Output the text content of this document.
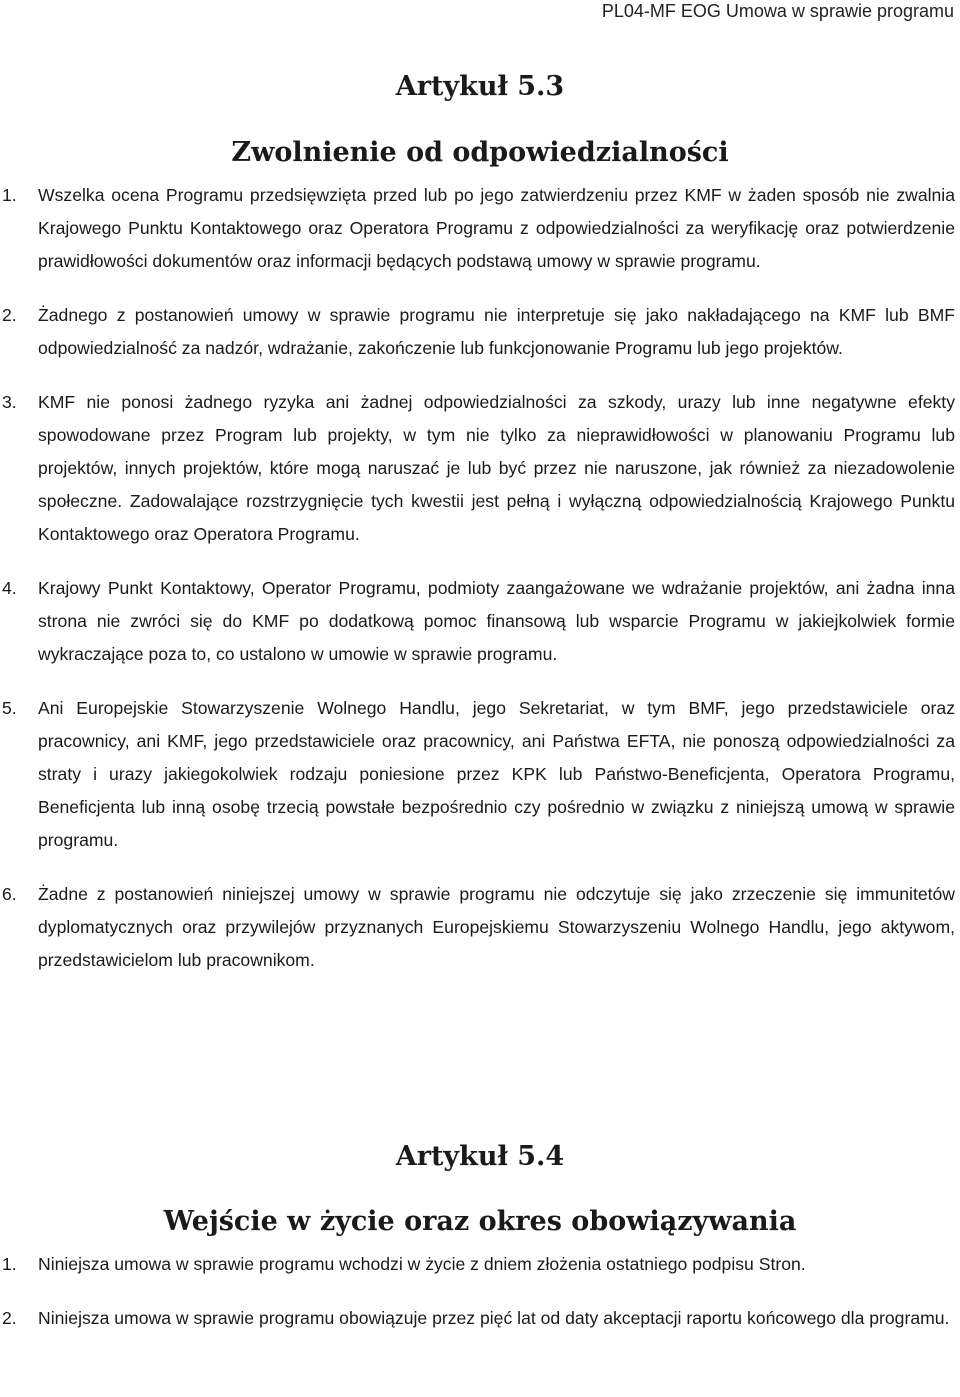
PL04-MF EOG Umowa w sprawie programu
Artykuł 5.3
Zwolnienie od odpowiedzialności
1. Wszelka ocena Programu przedsięwzięta przed lub po jego zatwierdzeniu przez KMF w żaden sposób nie zwalnia Krajowego Punktu Kontaktowego oraz Operatora Programu z odpowiedzialności za weryfikację oraz potwierdzenie prawidłowości dokumentów oraz informacji będących podstawą umowy w sprawie programu.
2. Żadnego z postanowień umowy w sprawie programu nie interpretuje się jako nakładającego na KMF lub BMF odpowiedzialność za nadzór, wdrażanie, zakończenie lub funkcjonowanie Programu lub jego projektów.
3. KMF nie ponosi żadnego ryzyka ani żadnej odpowiedzialności za szkody, urazy lub inne negatywne efekty spowodowane przez Program lub projekty, w tym nie tylko za nieprawidłowości w planowaniu Programu lub projektów, innych projektów, które mogą naruszać je lub być przez nie naruszone, jak również za niezadowolenie społeczne. Zadowalające rozstrzygnięcie tych kwestii jest pełną i wyłączną odpowiedzialnością Krajowego Punktu Kontaktowego oraz Operatora Programu.
4. Krajowy Punkt Kontaktowy, Operator Programu, podmioty zaangażowane we wdrażanie projektów, ani żadna inna strona nie zwróci się do KMF po dodatkową pomoc finansową lub wsparcie Programu w jakiejkolwiek formie wykraczające poza to, co ustalono w umowie w sprawie programu.
5. Ani Europejskie Stowarzyszenie Wolnego Handlu, jego Sekretariat, w tym BMF, jego przedstawiciele oraz pracownicy, ani KMF, jego przedstawiciele oraz pracownicy, ani Państwa EFTA, nie ponoszą odpowiedzialności za straty i urazy jakiegokolwiek rodzaju poniesione przez KPK lub Państwo-Beneficjenta, Operatora Programu, Beneficjenta lub inną osobę trzecią powstałe bezpośrednio czy pośrednio w związku z niniejszą umową w sprawie programu.
6. Żadne z postanowień niniejszej umowy w sprawie programu nie odczytuje się jako zrzeczenie się immunitetów dyplomatycznych oraz przywilejów przyznanych Europejskiemu Stowarzyszeniu Wolnego Handlu, jego aktywom, przedstawicielom lub pracownikom.
Artykuł 5.4
Wejście w życie oraz okres obowiązywania
1. Niniejsza umowa w sprawie programu wchodzi w życie z dniem złożenia ostatniego podpisu Stron.
2. Niniejsza umowa w sprawie programu obowiązuje przez pięć lat od daty akceptacji raportu końcowego dla programu.
